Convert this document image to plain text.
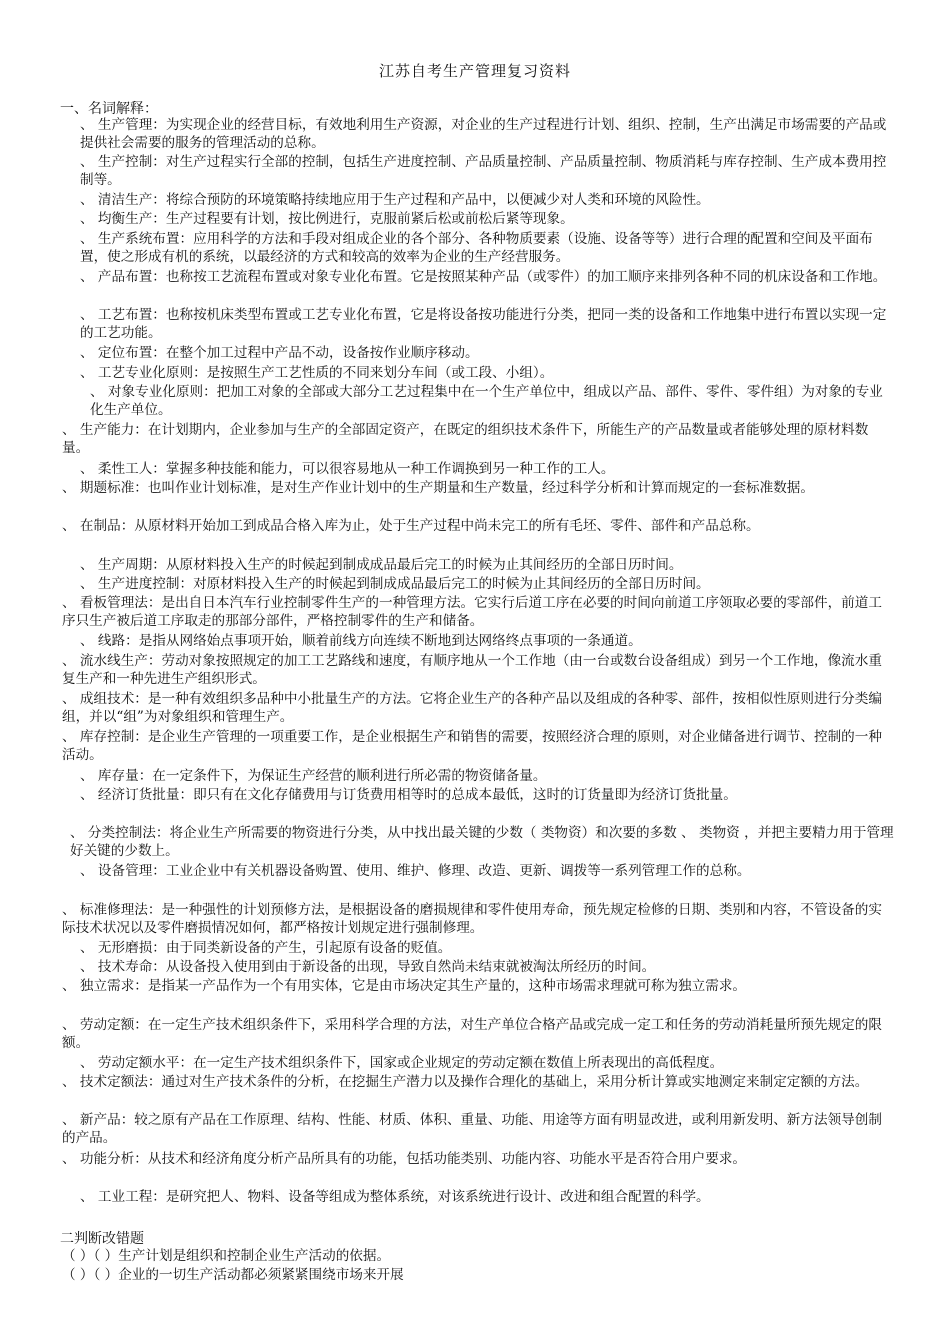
江苏自考生产管理复习资料
一、名词解释：
、 生产管理：为实现企业的经营目标，有效地利用生产资源，对企业的生产过程进行计划、组织、控制，生产出满足市场需要的产品或提供社会需要的服务的管理活动的总称。
、 生产控制：对生产过程实行全部的控制，包括生产进度控制、产品质量控制、产品质量控制、物质消耗与库存控制、生产成本费用控制等。
、 清洁生产：将综合预防的环境策略持续地应用于生产过程和产品中，以便减少对人类和环境的风险性。
、 均衡生产：生产过程要有计划，按比例进行，克服前紧后松或前松后紧等现象。
、 生产系统布置：应用科学的方法和手段对组成企业的各个部分、各种物质要素（设施、设备等等）进行合理的配置和空间及平面布置，使之形成有机的系统，以最经济的方式和较高的效率为企业的生产经营服务。
、 产品布置：也称按工艺流程布置或对象专业化布置。它是按照某种产品（或零件）的加工顺序来排列各种不同的机床设备和工作地。
、 工艺布置：也称按机床类型布置或工艺专业化布置，它是将设备按功能进行分类，把同一类的设备和工作地集中进行布置以实现一定的工艺功能。
、 定位布置：在整个加工过程中产品不动，设备按作业顺序移动。
、 工艺专业化原则：是按照生产工艺性质的不同来划分车间（或工段、小组）。
、 对象专业化原则：把加工对象的全部或大部分工艺过程集中在一个生产单位中，组成以产品、部件、零件、零件组）为对象的专业化生产单位。
、 生产能力：在计划期内，企业参加与生产的全部固定资产，在既定的组织技术条件下，所能生产的产品数量或者能够处理的原材料数量。
、 柔性工人：掌握多种技能和能力，可以很容易地从一种工作调换到另一种工作的工人。
、 期题标准：也叫作业计划标准，是对生产作业计划中的生产期量和生产数量，经过科学分析和计算而规定的一套标准数据。
、 在制品：从原材料开始加工到成品合格入库为止，处于生产过程中尚未完工的所有毛坯、零件、部件和产品总称。
、 生产周期：从原材料投入生产的时候起到制成成品最后完工的时候为止其间经历的全部日历时间。
、 生产进度控制：对原材料投入生产的时候起到制成成品最后完工的时候为止其间经历的全部日历时间。
、 看板管理法：是出自日本汽车行业控制零件生产的一种管理方法。它实行后道工序在必要的时间向前道工序领取必要的零部件，前道工序只生产被后道工序取走的那部分部件，严格控制零件的生产和储备。
、 线路：是指从网络始点事项开始，顺着前线方向连续不断地到达网络终点事项的一条通道。
、 流水线生产：劳动对象按照规定的加工工艺路线和速度，有顺序地从一个工作地（由一台或数台设备组成）到另一个工作地，像流水重复生产和一种先进生产组织形式。
、 成组技术：是一种有效组织多品种中小批量生产的方法。它将企业生产的各种产品以及组成的各种零、部件，按相似性原则进行分类编组，并以“组”为对象组织和管理生产。
、 库存控制：是企业生产管理的一项重要工作，是企业根据生产和销售的需要，按照经济合理的原则，对企业储备进行调节、控制的一种活动。
、 库存量：在一定条件下，为保证生产经营的顺利进行所必需的物资储备量。
、 经济订货批量：即只有在文化存储费用与订货费用相等时的总成本最低，这时的订货量即为经济订货批量。
、 分类控制法：将企业生产所需要的物资进行分类，从中找出最关键的少数（ 类物资）和次要的多数 、 类物资 ，并把主要精力用于管理好关键的少数上。
、 设备管理：工业企业中有关机器设备购置、使用、维护、修理、改造、更新、调拨等一系列管理工作的总称。
、 标准修理法：是一种强性的计划预修方法，是根据设备的磨损规律和零件使用寿命，预先规定检修的日期、类别和内容，不管设备的实际技术状况以及零件磨损情况如何，都严格按计划规定进行强制修理。
、 无形磨损：由于同类新设备的产生，引起原有设备的贬值。
、 技术寿命：从设备投入使用到由于新设备的出现，导致自然尚未结束就被淘汰所经历的时间。
、 独立需求：是指某一产品作为一个有用实体，它是由市场决定其生产量的，这种市场需求理就可称为独立需求。
、 劳动定额：在一定生产技术组织条件下，采用科学合理的方法，对生产单位合格产品或完成一定工和任务的劳动消耗量所预先规定的限额。
、 劳动定额水平：在一定生产技术组织条件下，国家或企业规定的劳动定额在数值上所表现出的高低程度。
、 技术定额法：通过对生产技术条件的分析，在挖掘生产潜力以及操作合理化的基础上，采用分析计算或实地测定来制定定额的方法。
、 新产品：较之原有产品在工作原理、结构、性能、材质、体积、重量、功能、用途等方面有明显改进，或利用新发明、新方法领导创制的产品。
、 功能分析：从技术和经济角度分析产品所具有的功能，包括功能类别、功能内容、功能水平是否符合用户要求。
、 工业工程：是研究把人、物料、设备等组成为整体系统，对该系统进行设计、改进和组合配置的科学。
二判断改错题
（ ）（ ）生产计划是组织和控制企业生产活动的依据。
（ ）（ ）企业的一切生产活动都必须紧紧围绕市场来开展
